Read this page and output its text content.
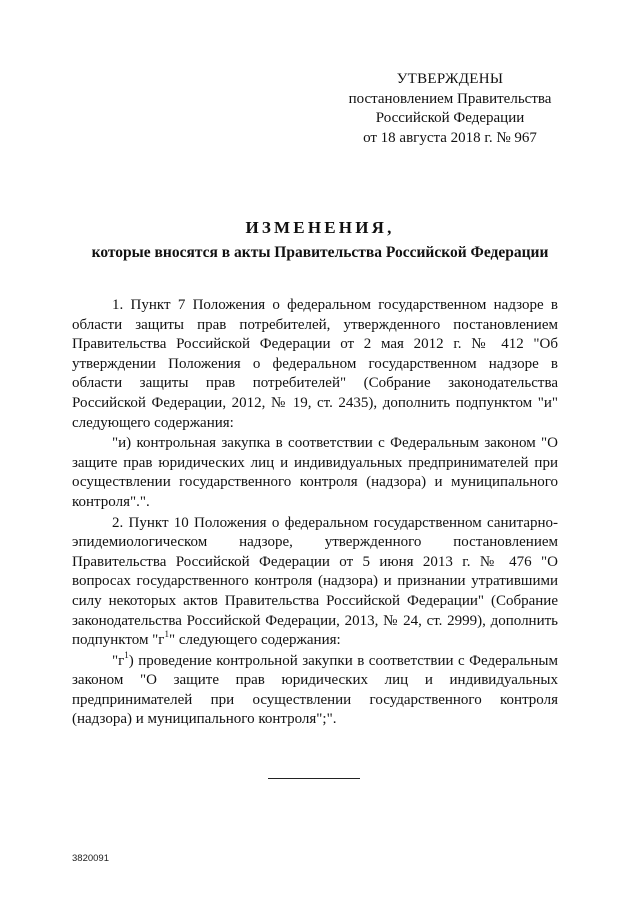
УТВЕРЖДЕНЫ
постановлением Правительства
Российской Федерации
от 18 августа 2018 г. № 967
ИЗМЕНЕНИЯ,
которые вносятся в акты Правительства Российской Федерации

1. Пункт 7 Положения о федеральном государственном надзоре в области защиты прав потребителей, утвержденного постановлением Правительства Российской Федерации от 2 мая 2012 г. № 412 "Об утверждении Положения о федеральном государственном надзоре в области защиты прав потребителей" (Собрание законодательства Российской Федерации, 2012, № 19, ст. 2435), дополнить подпунктом "и" следующего содержания:

"и) контрольная закупка в соответствии с Федеральным законом "О защите прав юридических лиц и индивидуальных предпринимателей при осуществлении государственного контроля (надзора) и муниципального контроля".".

2. Пункт 10 Положения о федеральном государственном санитарно-эпидемиологическом надзоре, утвержденного постановлением Правительства Российской Федерации от 5 июня 2013 г. № 476 "О вопросах государственного контроля (надзора) и признании утратившими силу некоторых актов Правительства Российской Федерации" (Собрание законодательства Российской Федерации, 2013, № 24, ст. 2999), дополнить подпунктом "$г^1$" следующего содержания:

"$г^1$) проведение контрольной закупки в соответствии с Федеральным законом "О защите прав юридических лиц и индивидуальных предпринимателей при осуществлении государственного контроля (надзора) и муниципального контроля";".

3820091
